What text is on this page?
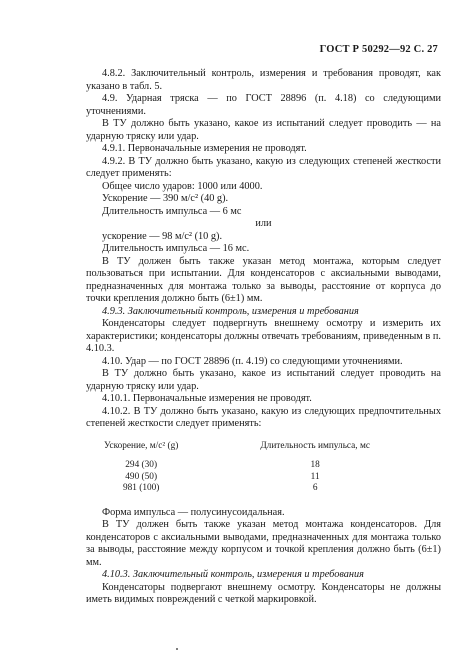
ГОСТ Р 50292—92 С. 27

4.8.2. Заключительный контроль, измерения и требования проводят, как указано в табл. 5.

4.9. Ударная тряска — по ГОСТ 28896 (п. 4.18) со следующими уточнениями.

В ТУ должно быть указано, какое из испытаний следует проводить — на ударную тряску или удар.

4.9.1. Первоначальные измерения не проводят.

4.9.2. В ТУ должно быть указано, какую из следующих степеней жесткости следует применять:

Общее число ударов: 1000 или 4000.

Ускорение — 390 м/с² (40 g).

Длительность импульса — 6 мс

или

ускорение — 98 м/с² (10 g).

Длительность импульса — 16 мс.

В ТУ должен быть также указан метод монтажа, которым следует пользоваться при испытании. Для конденсаторов с аксиальными выводами, предназначенных для монтажа только за выводы, расстояние от корпуса до точки крепления должно быть (6±1) мм.

4.9.3. Заключительный контроль, измерения и требования

Конденсаторы следует подвергнуть внешнему осмотру и измерить их характеристики; конденсаторы должны отвечать требованиям, приведенным в п. 4.10.3.

4.10. Удар — по ГОСТ 28896 (п. 4.19) со следующими уточнениями.

В ТУ должно быть указано, какое из испытаний следует проводить на ударную тряску или удар.

4.10.1. Первоначальные измерения не проводят.

4.10.2. В ТУ должно быть указано, какую из следующих предпочтительных степеней жесткости следует применять:

Ускорение, м/с² (g)	Длительность импульса, мс
294 (30)	18
490 (50)	11
981 (100)	6

Форма импульса — полусинусоидальная.

В ТУ должен быть также указан метод монтажа конденсаторов. Для конденсаторов с аксиальными выводами, предназначенных для монтажа только за выводы, расстояние между корпусом и точкой крепления должно быть (6±1) мм.

4.10.3. Заключительный контроль, измерения и требования

Конденсаторы подвергают внешнему осмотру. Конденсаторы не должны иметь видимых повреждений с четкой маркировкой.
